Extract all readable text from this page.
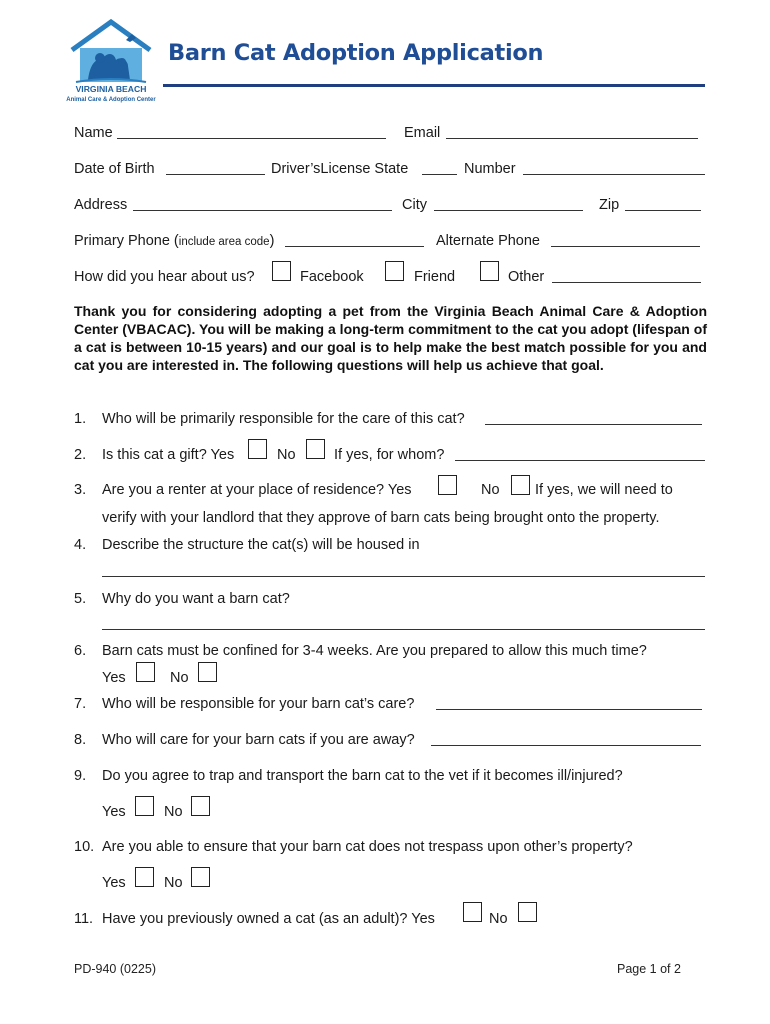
VIRGINIA BEACH
Animal Care & Adoption Center
Barn Cat Adoption Application
Name	Email
Date of Birth	Driver’sLicense State	Number
Address	City	Zip
Primary Phone (include area code)	Alternate Phone
How did you hear about us?	Facebook	Friend	Other
Thank you for considering adopting a pet from the Virginia Beach Animal Care & Adoption Center (VBACAC). You will be making a long-term commitment to the cat you adopt (lifespan of a cat is between 10-15 years) and our goal is to help make the best match possible for you and cat you are interested in. The following questions will help us achieve that goal.
1. Who will be primarily responsible for the care of this cat?
2. Is this cat a gift? Yes	No	If yes, for whom?
3. Are you a renter at your place of residence? Yes	No If yes, we will need to
verify with your landlord that they approve of barn cats being brought onto the property.
4. Describe the structure the cat(s) will be housed in
5. Why do you want a barn cat?
6. Barn cats must be confined for 3-4 weeks. Are you prepared to allow this much time?
Yes	No
7. Who will be responsible for your barn cat’s care?
8. Who will care for your barn cats if you are away?
9. Do you agree to trap and transport the barn cat to the vet if it becomes ill/injured?
Yes	No
10. Are you able to ensure that your barn cat does not trespass upon other’s property?
Yes	No
11. Have you previously owned a cat (as an adult)? Yes	No
PD-940 (0225)	Page 1 of 2
